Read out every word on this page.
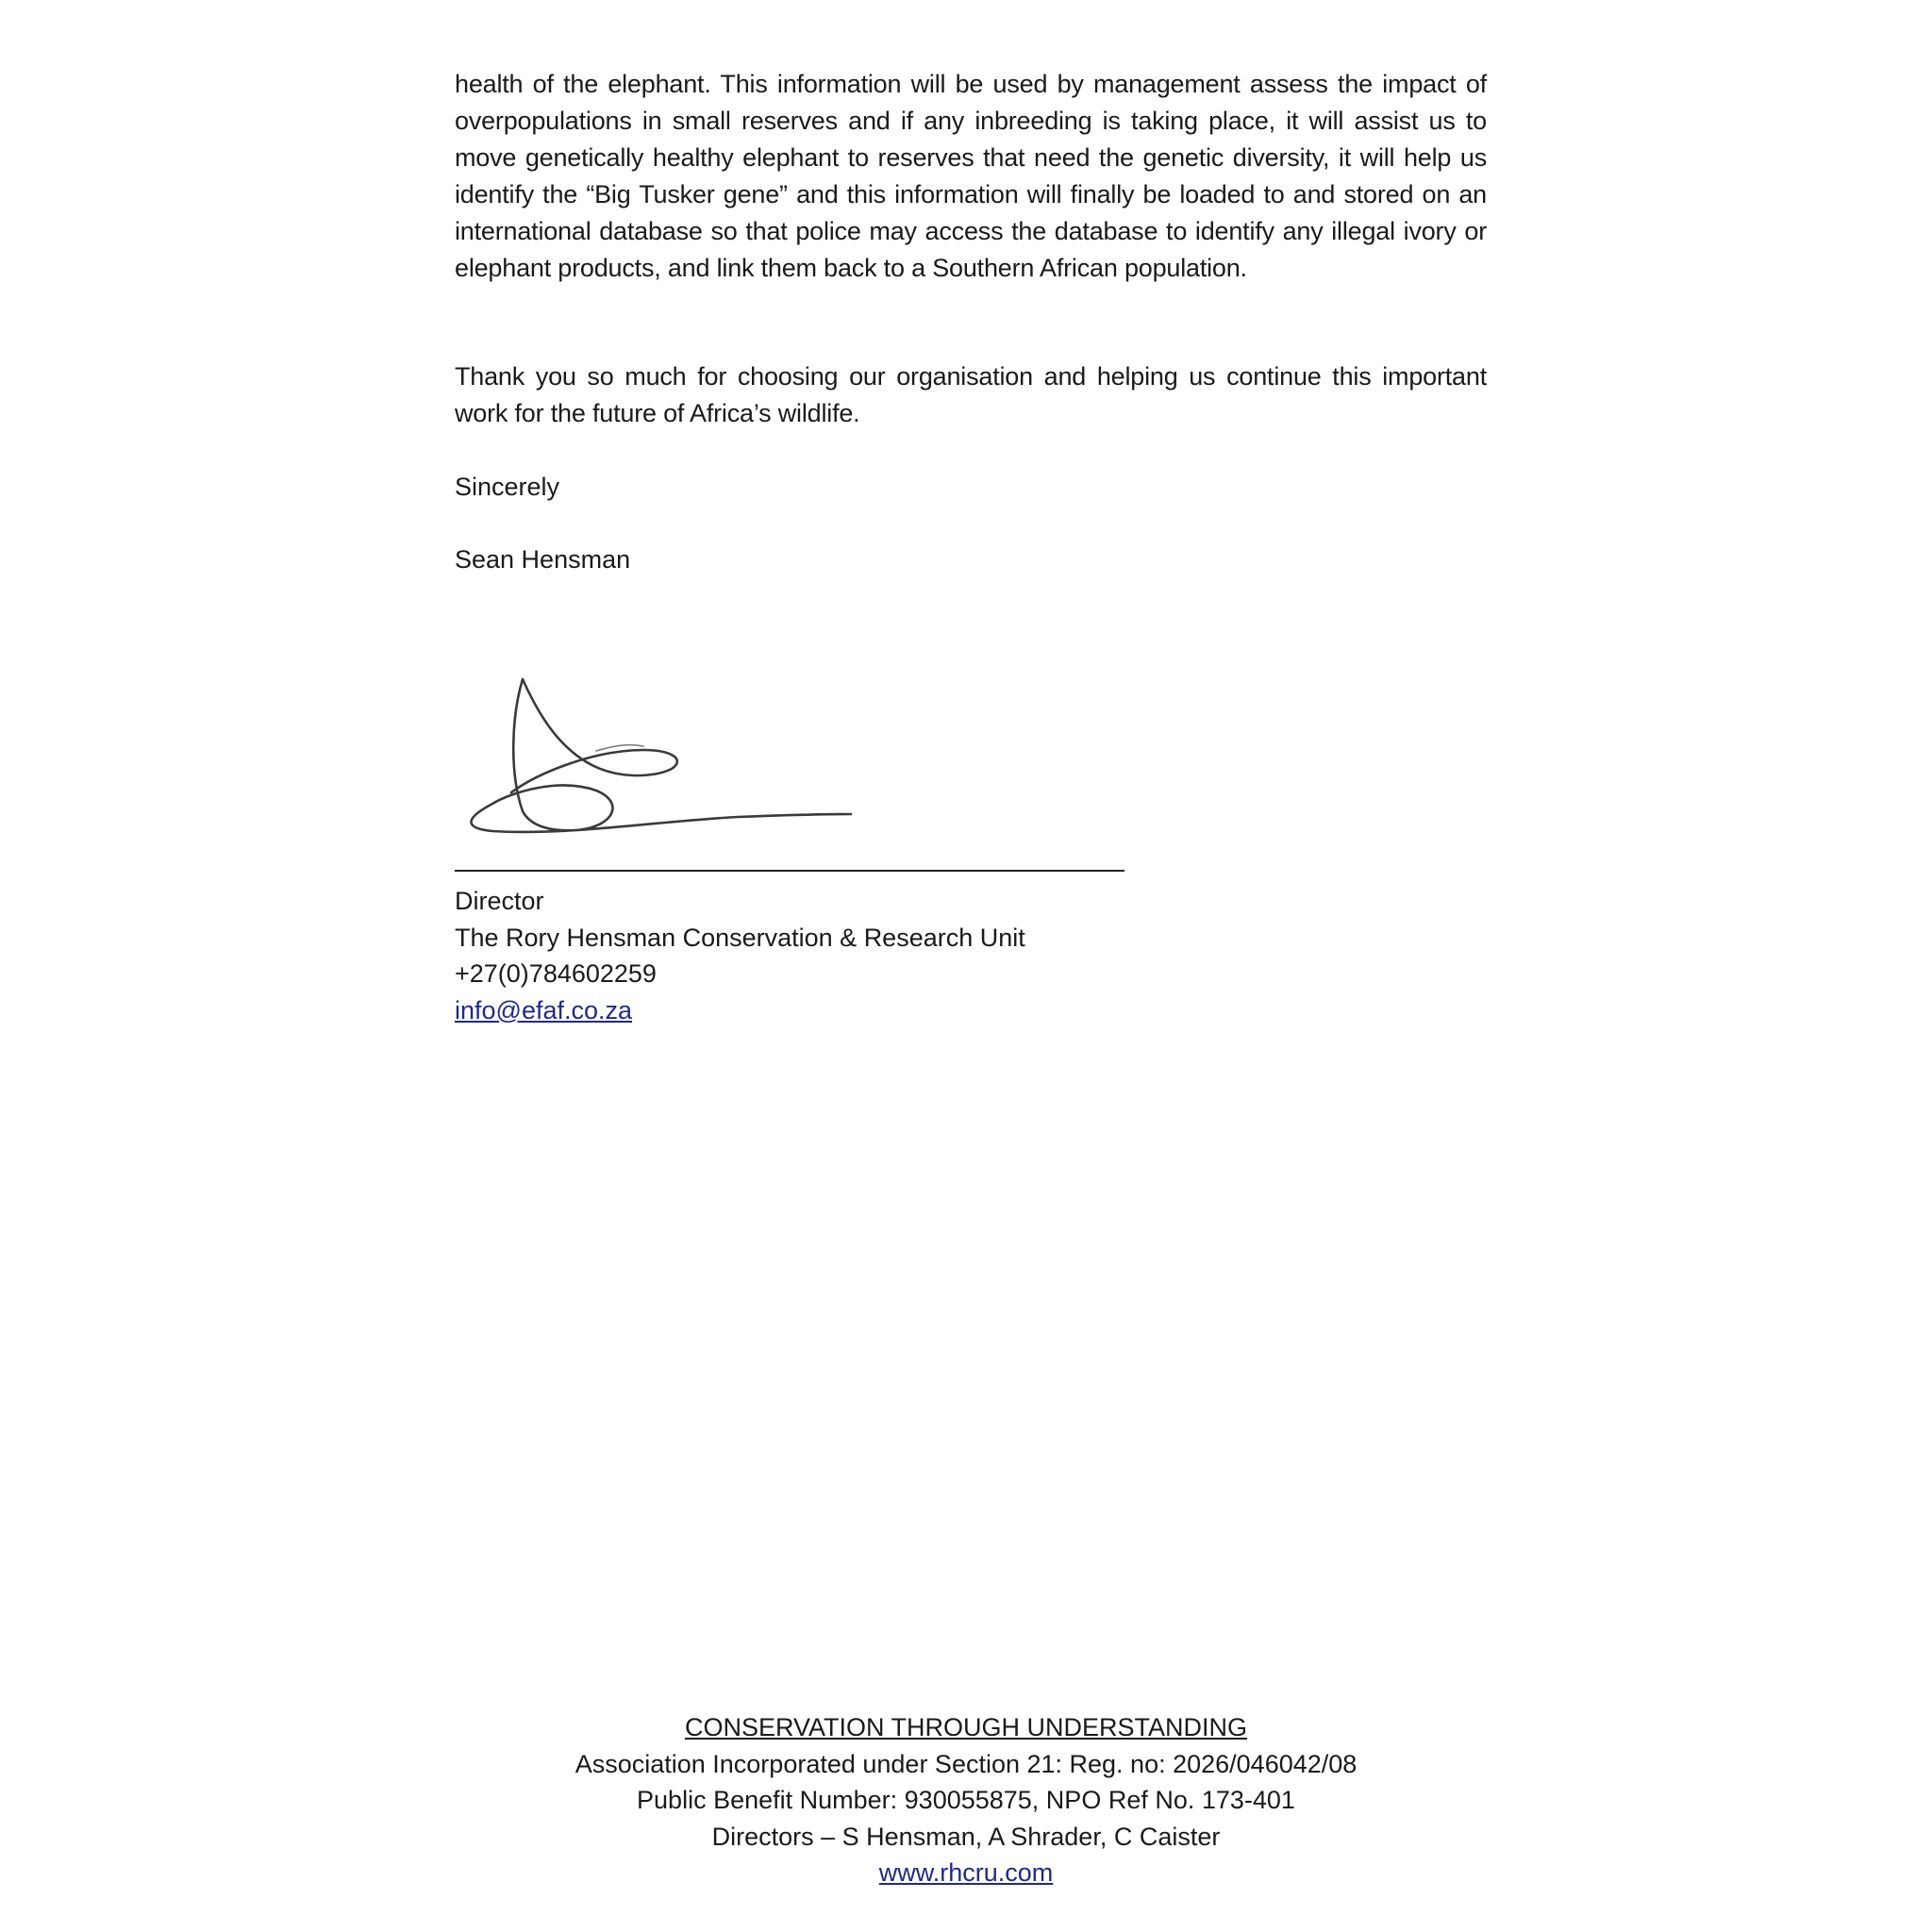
health of the elephant. This information will be used by management assess the impact of overpopulations in small reserves and if any inbreeding is taking place, it will assist us to move genetically healthy elephant to reserves that need the genetic diversity, it will help us identify the “Big Tusker gene” and this information will finally be loaded to and stored on an international database so that police may access the database to identify any illegal ivory or elephant products, and link them back to a Southern African population.
Thank you so much for choosing our organisation and helping us continue this important work for the future of Africa’s wildlife.
Sincerely
Sean Hensman
Director
The Rory Hensman Conservation & Research Unit
+27(0)784602259
info@efaf.co.za
CONSERVATION THROUGH UNDERSTANDING
Association Incorporated under Section 21: Reg. no: 2026/046042/08
Public Benefit Number: 930055875, NPO Ref No. 173-401
Directors – S Hensman, A Shrader, C Caister
www.rhcru.com
